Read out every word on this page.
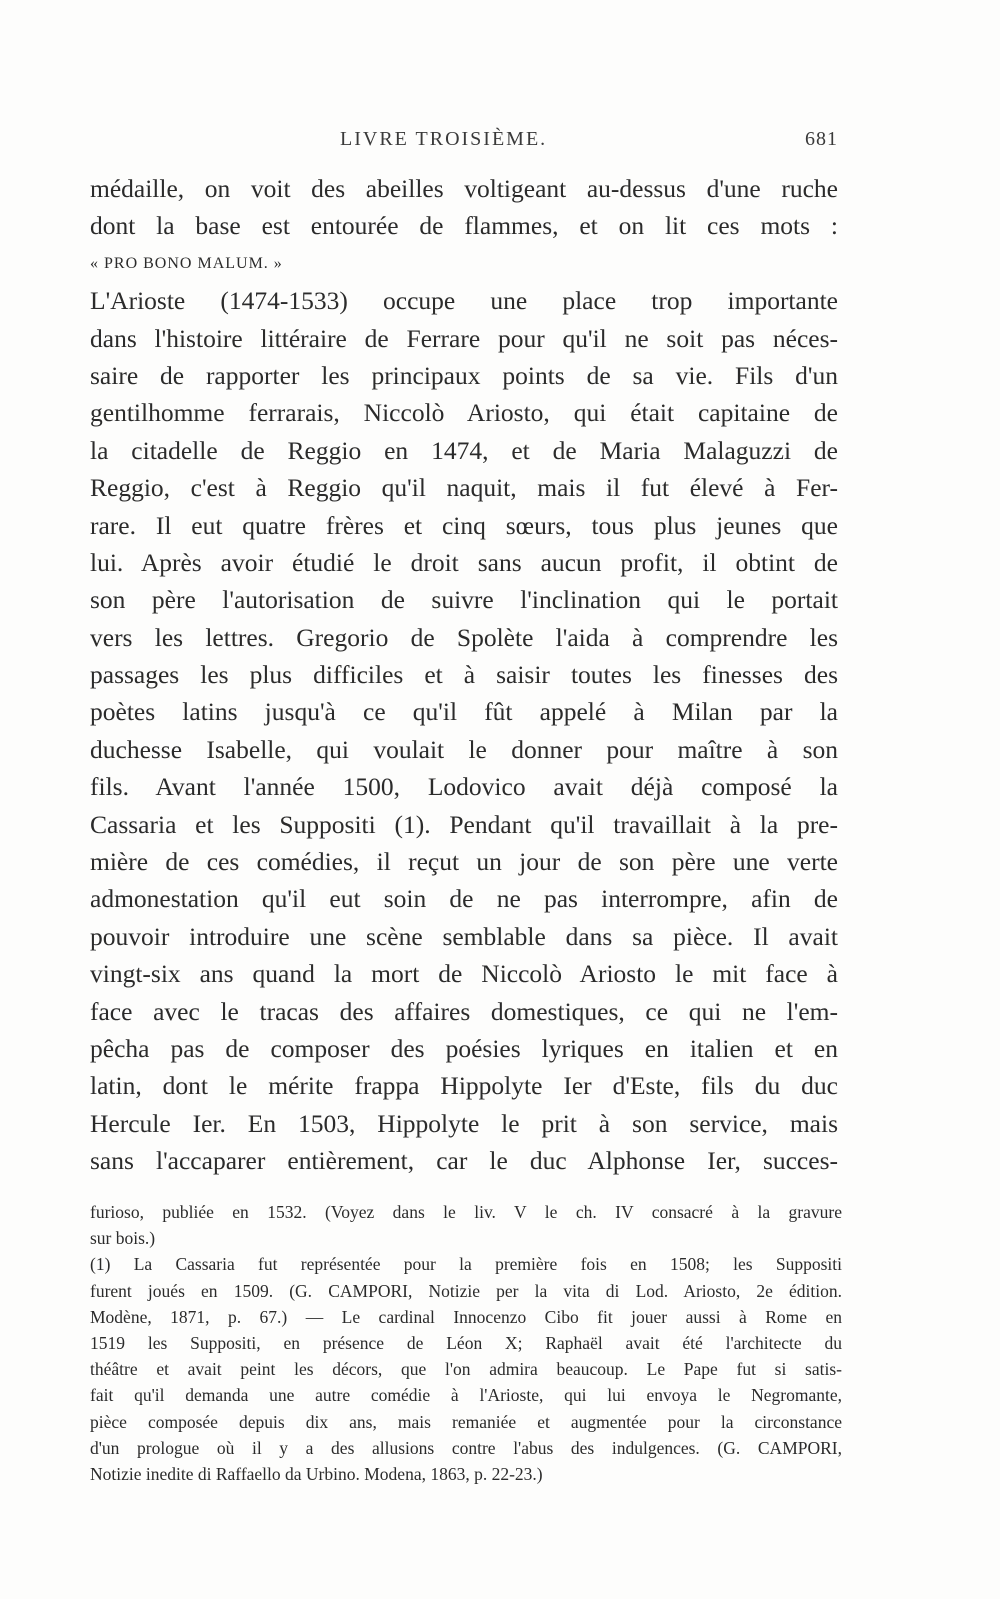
LIVRE TROISIÈME.	681
médaille, on voit des abeilles voltigeant au-dessus d'une ruche
dont la base est entourée de flammes, et on lit ces mots :
« PRO BONO MALUM. »
L'Arioste (1474-1533) occupe une place trop importante
dans l'histoire littéraire de Ferrare pour qu'il ne soit pas néces-
saire de rapporter les principaux points de sa vie. Fils d'un
gentilhomme ferrarais, Niccolò Ariosto, qui était capitaine de
la citadelle de Reggio en 1474, et de Maria Malaguzzi de
Reggio, c'est à Reggio qu'il naquit, mais il fut élevé à Fer-
rare. Il eut quatre frères et cinq sœurs, tous plus jeunes que
lui. Après avoir étudié le droit sans aucun profit, il obtint de
son père l'autorisation de suivre l'inclination qui le portait
vers les lettres. Gregorio de Spolète l'aida à comprendre les
passages les plus difficiles et à saisir toutes les finesses des
poètes latins jusqu'à ce qu'il fût appelé à Milan par la
duchesse Isabelle, qui voulait le donner pour maître à son
fils. Avant l'année 1500, Lodovico avait déjà composé la
Cassaria et les Suppositi (1). Pendant qu'il travaillait à la pre-
mière de ces comédies, il reçut un jour de son père une verte
admonestation qu'il eut soin de ne pas interrompre, afin de
pouvoir introduire une scène semblable dans sa pièce. Il avait
vingt-six ans quand la mort de Niccolò Ariosto le mit face à
face avec le tracas des affaires domestiques, ce qui ne l'em-
pêcha pas de composer des poésies lyriques en italien et en
latin, dont le mérite frappa Hippolyte Ier d'Este, fils du duc
Hercule Ier. En 1503, Hippolyte le prit à son service, mais
sans l'accaparer entièrement, car le duc Alphonse Ier, succes-
furioso, publiée en 1532. (Voyez dans le liv. V le ch. IV consacré à la gravure
sur bois.)
(1) La Cassaria fut représentée pour la première fois en 1508; les Suppositi
furent joués en 1509. (G. CAMPORI, Notizie per la vita di Lod. Ariosto, 2e édition.
Modène, 1871, p. 67.) — Le cardinal Innocenzo Cibo fit jouer aussi à Rome en
1519 les Suppositi, en présence de Léon X; Raphaël avait été l'architecte du
théâtre et avait peint les décors, que l'on admira beaucoup. Le Pape fut si satis-
fait qu'il demanda une autre comédie à l'Arioste, qui lui envoya le Negromante,
pièce composée depuis dix ans, mais remaniée et augmentée pour la circonstance
d'un prologue où il y a des allusions contre l'abus des indulgences. (G. CAMPORI,
Notizie inedite di Raffaello da Urbino. Modena, 1863, p. 22-23.)
